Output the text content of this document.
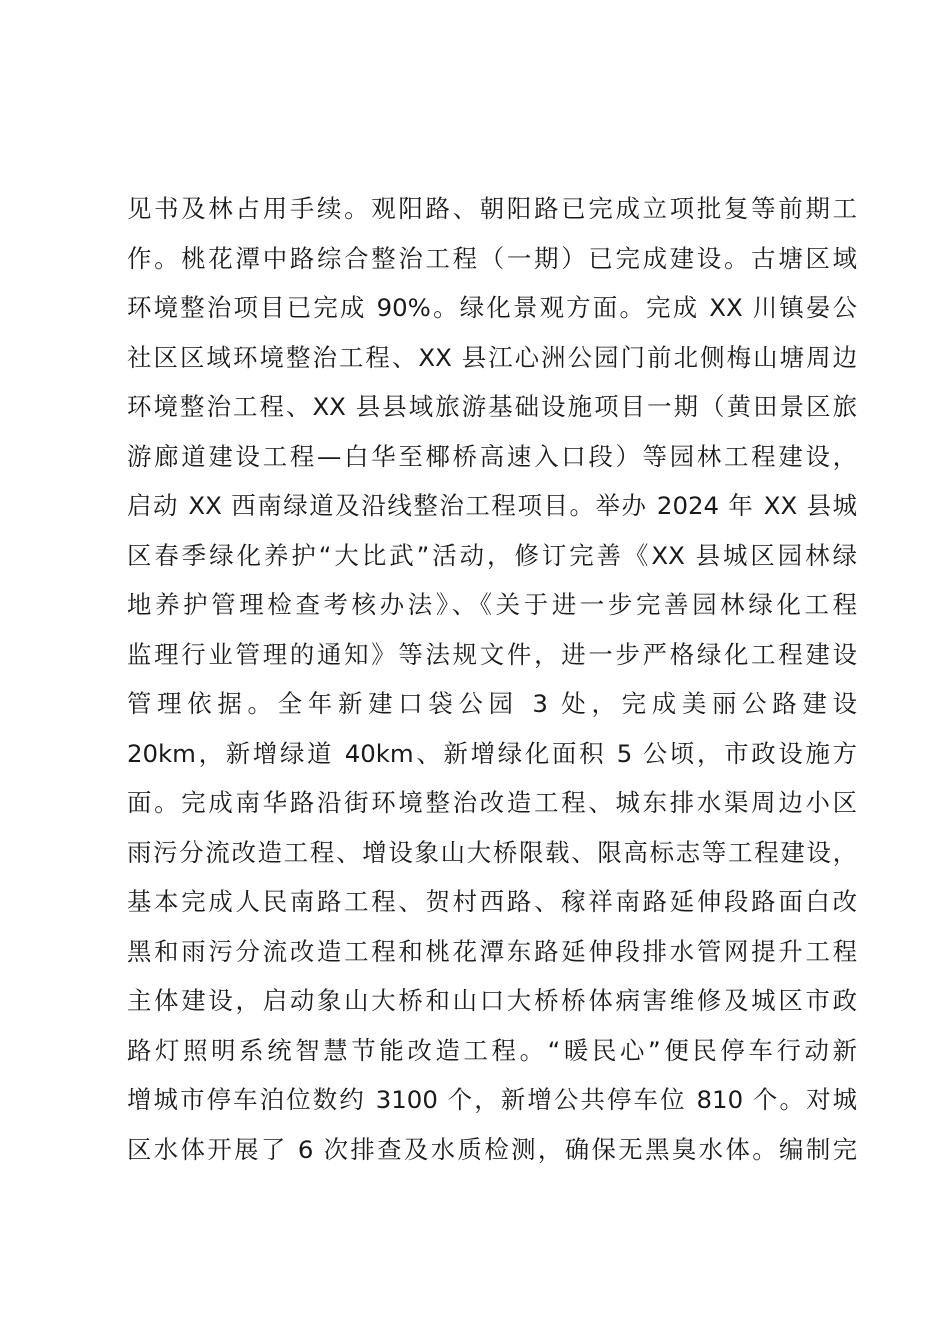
见书及林占用手续。观阳路、朝阳路已完成立项批复等前期工
作。桃花潭中路综合整治工程（一期）已完成建设。古塘区域
环境整治项目已完成 90%。绿化景观方面。完成 XX 川镇晏公
社区区域环境整治工程、XX 县江心洲公园门前北侧梅山塘周边
环境整治工程、XX 县县域旅游基础设施项目一期（黄田景区旅
游廊道建设工程—白华至椰桥高速入口段）等园林工程建设，
启动 XX 西南绿道及沿线整治工程项目。举办 2024 年 XX 县城
区春季绿化养护“大比武”活动，修订完善《XX 县城区园林绿
地养护管理检查考核办法》、《关于进一步完善园林绿化工程
监理行业管理的通知》等法规文件，进一步严格绿化工程建设
管理依据。全年新建口袋公园 3 处，完成美丽公路建设
20km，新增绿道 40km、新增绿化面积 5 公顷，市政设施方
面。完成南华路沿街环境整治改造工程、城东排水渠周边小区
雨污分流改造工程、增设象山大桥限载、限高标志等工程建设，
基本完成人民南路工程、贺村西路、稼祥南路延伸段路面白改
黑和雨污分流改造工程和桃花潭东路延伸段排水管网提升工程
主体建设，启动象山大桥和山口大桥桥体病害维修及城区市政
路灯照明系统智慧节能改造工程。“暖民心”便民停车行动新
增城市停车泊位数约 3100 个，新增公共停车位 810 个。对城
区水体开展了 6 次排查及水质检测，确保无黑臭水体。编制完
